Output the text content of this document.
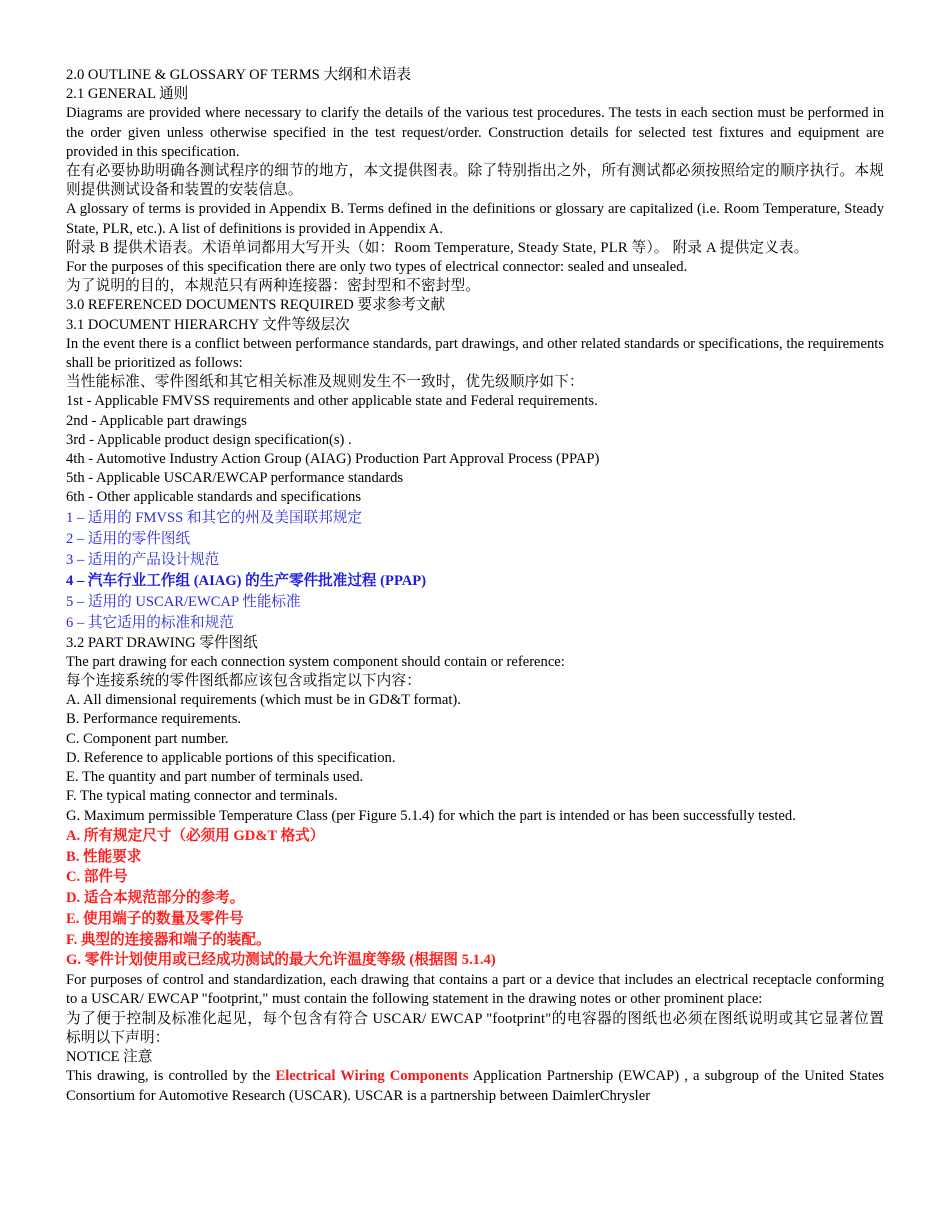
2.0 OUTLINE & GLOSSARY OF TERMS 大纲和术语表

2.1 GENERAL 通则

Diagrams are provided where necessary to clarify the details of the various test procedures. The tests in each section must be performed in the order given unless otherwise specified in the test request/order. Construction details for selected test fixtures and equipment are provided in this specification.

在有必要协助明确各测试程序的细节的地方，本文提供图表。除了特别指出之外，所有测试都必须按照给定的顺序执行。本规则提供测试设备和装置的安装信息。

A glossary of terms is provided in Appendix B. Terms defined in the definitions or glossary are capitalized (i.e. Room Temperature, Steady State, PLR, etc.). A list of definitions is provided in Appendix A.

附录 B 提供术语表。术语单词都用大写开头（如：Room Temperature, Steady State, PLR 等）。 附录 A 提供定义表。

For the purposes of this specification there are only two types of electrical connector: sealed and unsealed.

为了说明的目的，本规范只有两种连接器：密封型和不密封型。

3.0 REFERENCED DOCUMENTS REQUIRED 要求参考文献

3.1 DOCUMENT HIERARCHY 文件等级层次

In the event there is a conflict between performance standards, part drawings, and other related standards or specifications, the requirements shall be prioritized as follows:

当性能标准、零件图纸和其它相关标准及规则发生不一致时，优先级顺序如下：

1st - Applicable FMVSS requirements and other applicable state and Federal requirements.

2nd - Applicable part drawings

3rd - Applicable product design specification(s) .

4th - Automotive Industry Action Group (AIAG) Production Part Approval Process (PPAP)

5th - Applicable USCAR/EWCAP performance standards

6th - Other applicable standards and specifications

1 – 适用的 FMVSS 和其它的州及美国联邦规定

2 – 适用的零件图纸

3 – 适用的产品设计规范

4 – 汽车行业工作组 (AIAG) 的生产零件批准过程 (PPAP)

5 – 适用的 USCAR/EWCAP 性能标准

6 – 其它适用的标准和规范

3.2 PART DRAWING 零件图纸

The part drawing for each connection system component should contain or reference:

每个连接系统的零件图纸都应该包含或指定以下内容：

A. All dimensional requirements (which must be in GD&T format).

B. Performance requirements.

C. Component part number.

D. Reference to applicable portions of this specification.

E. The quantity and part number of terminals used.

F. The typical mating connector and terminals.

G. Maximum permissible Temperature Class (per Figure 5.1.4) for which the part is intended or has been successfully tested.

A. 所有规定尺寸（必须用 GD&T 格式）

B. 性能要求

C. 部件号

D. 适合本规范部分的参考。

E. 使用端子的数量及零件号

F. 典型的连接器和端子的装配。

G. 零件计划使用或已经成功测试的最大允许温度等级 (根据图 5.1.4)

For purposes of control and standardization, each drawing that contains a part or a device that includes an electrical receptacle conforming to a USCAR/ EWCAP "footprint," must contain the following statement in the drawing notes or other prominent place:

为了便于控制及标准化起见，每个包含有符合 USCAR/ EWCAP "footprint"的电容器的图纸也必须在图纸说明或其它显著位置标明以下声明：

NOTICE 注意

This drawing, is controlled by the Electrical Wiring Components Application Partnership (EWCAP) , a subgroup of the United States Consortium for Automotive Research (USCAR). USCAR is a partnership between DaimlerChrysler
